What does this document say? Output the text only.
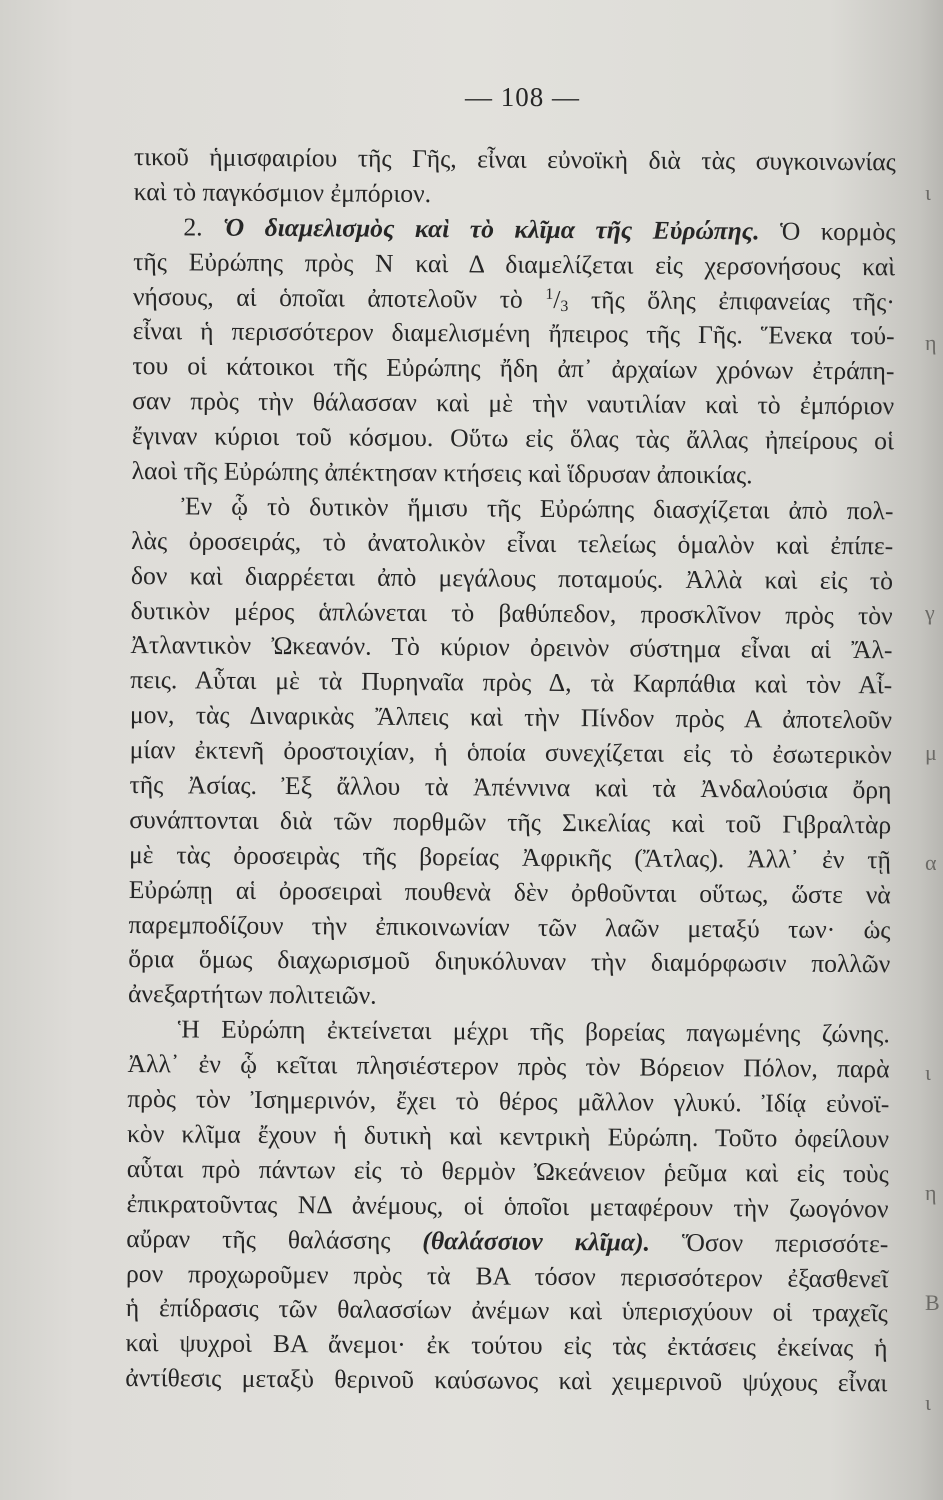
— 108 —
τικοῦ ἡμισφαιρίου τῆς Γῆς, εἶναι εὐνοϊκὴ διὰ τὰς συγκοινωνίας
καὶ τὸ παγκόσμιον ἐμπόριον.
2. Ὁ διαμελισμὸς καὶ τὸ κλῖμα τῆς Εὐρώπης. Ὁ κορμὸς
τῆς Εὐρώπης πρὸς Ν καὶ Δ διαμελίζεται εἰς χερσονήσους καὶ
νήσους, αἱ ὁποῖαι ἀποτελοῦν τὸ $^1$/3 τῆς ὅλης ἐπιφανείας τῆς·
εἶναι ἡ περισσότερον διαμελισμένη ἤπειρος τῆς Γῆς. Ἕνεκα τού-
του οἱ κάτοικοι τῆς Εὐρώπης ἤδη ἀπ᾽ ἀρχαίων χρόνων ἐτράπη-
σαν πρὸς τὴν θάλασσαν καὶ μὲ τὴν ναυτιλίαν καὶ τὸ ἐμπόριον
ἔγιναν κύριοι τοῦ κόσμου. Οὕτω εἰς ὅλας τὰς ἄλλας ἠπείρους οἱ
λαοὶ τῆς Εὐρώπης ἀπέκτησαν κτήσεις καὶ ἵδρυσαν ἀποικίας.
Ἐν ᾧ τὸ δυτικὸν ἥμισυ τῆς Εὐρώπης διασχίζεται ἀπὸ πολ-
λὰς ὀροσειράς, τὸ ἀνατολικὸν εἶναι τελείως ὁμαλὸν καὶ ἐπίπε-
δον καὶ διαρρέεται ἀπὸ μεγάλους ποταμούς. Ἀλλὰ καὶ εἰς τὸ
δυτικὸν μέρος ἁπλώνεται τὸ βαθύπεδον, προσκλῖνον πρὸς τὸν
Ἀτλαντικὸν Ὠκεανόν. Τὸ κύριον ὀρεινὸν σύστημα εἶναι αἱ Ἄλ-
πεις. Αὗται μὲ τὰ Πυρηναῖα πρὸς Δ, τὰ Καρπάθια καὶ τὸν Αἷ-
μον, τὰς Διναρικὰς Ἄλπεις καὶ τὴν Πίνδον πρὸς Α ἀποτελοῦν
μίαν ἐκτενῆ ὀροστοιχίαν, ἡ ὁποία συνεχίζεται εἰς τὸ ἐσωτερικὸν
τῆς Ἀσίας. Ἐξ ἄλλου τὰ Ἀπέννινα καὶ τὰ Ἀνδαλούσια ὄρη
συνάπτονται διὰ τῶν πορθμῶν τῆς Σικελίας καὶ τοῦ Γιβραλτὰρ
μὲ τὰς ὀροσειρὰς τῆς βορείας Ἀφρικῆς (Ἄτλας). Ἀλλ᾽ ἐν τῇ
Εὐρώπῃ αἱ ὀροσειραὶ πουθενὰ δὲν ὀρθοῦνται οὕτως, ὥστε νὰ
παρεμποδίζουν τὴν ἐπικοινωνίαν τῶν λαῶν μεταξύ των· ὡς
ὅρια ὅμως διαχωρισμοῦ διηυκόλυναν τὴν διαμόρφωσιν πολλῶν
ἀνεξαρτήτων πολιτειῶν.
Ἡ Εὐρώπη ἐκτείνεται μέχρι τῆς βορείας παγωμένης ζώνης.
Ἀλλ᾽ ἐν ᾧ κεῖται πλησιέστερον πρὸς τὸν Βόρειον Πόλον, παρὰ
πρὸς τὸν Ἰσημερινόν, ἔχει τὸ θέρος μᾶλλον γλυκύ. Ἰδίᾳ εὐνοϊ-
κὸν κλῖμα ἔχουν ἡ δυτικὴ καὶ κεντρικὴ Εὐρώπη. Τοῦτο ὀφείλουν
αὗται πρὸ πάντων εἰς τὸ θερμὸν Ὠκεάνειον ῥεῦμα καὶ εἰς τοὺς
ἐπικρατοῦντας ΝΔ ἀνέμους, οἱ ὁποῖοι μεταφέρουν τὴν ζωογόνον
αὔραν τῆς θαλάσσης (θαλάσσιον κλῖμα). Ὅσον περισσότε-
ρον προχωροῦμεν πρὸς τὰ ΒΑ τόσον περισσότερον ἐξασθενεῖ
ἡ ἐπίδρασις τῶν θαλασσίων ἀνέμων καὶ ὑπερισχύουν οἱ τραχεῖς
καὶ ψυχροὶ ΒΑ ἄνεμοι· ἐκ τούτου εἰς τὰς ἐκτάσεις ἐκείνας ἡ
ἀντίθεσις μεταξὺ θερινοῦ καύσωνος καὶ χειμερινοῦ ψύχους εἶναι
ι
η
γ
μ
α
ι
η
Β
ι
